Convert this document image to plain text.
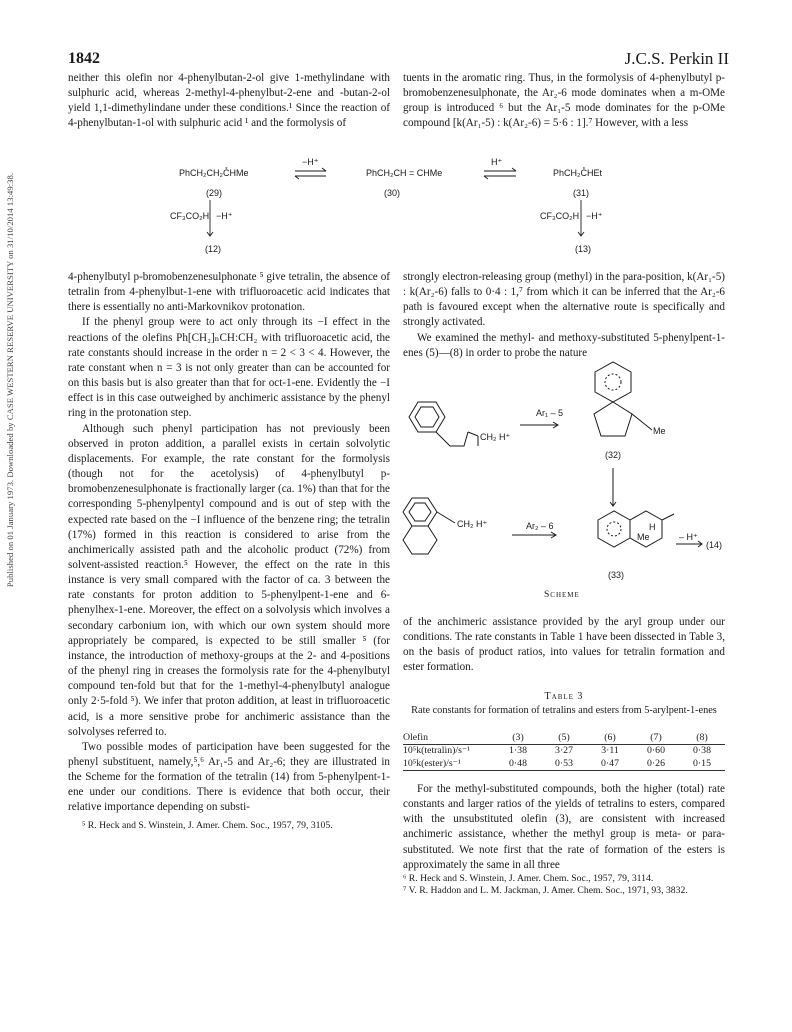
Published on 01 January 1973. Downloaded by CASE WESTERN RESERVE UNIVERSITY on 31/10/2014 13:49:38.
1842	J.C.S. Perkin II

neither this olefin nor 4-phenylbutan-2-ol give 1-methylindane with sulphuric acid, whereas 2-methyl-4-phenylbut-2-ene and -butan-2-ol yield 1,1-dimethylindane under these conditions.¹ Since the reaction of 4-phenylbutan-1-ol with sulphuric acid ¹ and the formolysis of

tuents in the aromatic ring. Thus, in the formolysis of 4-phenylbutyl p-bromobenzenesulphonate, the Ar₂-6 mode dominates when a m-OMe group is introduced ⁶ but the Ar₁-5 mode dominates for the p-OMe compound [k(Ar₁-5) : k(Ar₂-6) = 5·6 : 1].⁷ However, with a less

PhCH₂CH₂C̊HMe
(29)
PhCH₂CH = CHMe
(30)
PhCH₂C̊HEt
(31)
−H⁺	H⁺
CF₃CO₂H −H⁺
(12)
CF₃CO₂H −H⁺
(13)

4-phenylbutyl p-bromobenzenesulphonate ⁵ give tetralin, the absence of tetralin from 4-phenylbut-1-ene with trifluoroacetic acid indicates that there is essentially no anti-Markovnikov protonation.

If the phenyl group were to act only through its −I effect in the reactions of the olefins Ph[CH₂]ₙCH:CH₂ with trifluoroacetic acid, the rate constants should increase in the order n = 2 < 3 < 4. However, the rate constant when n = 3 is not only greater than can be accounted for on this basis but is also greater than that for oct-1-ene. Evidently the −I effect is in this case outweighed by anchimeric assistance by the phenyl ring in the protonation step.

Although such phenyl participation has not previously been observed in proton addition, a parallel exists in certain solvolytic displacements. For example, the rate constant for the formolysis (though not for the acetolysis) of 4-phenylbutyl p-bromobenzenesulphonate is fractionally larger (ca. 1%) than that for the corresponding 5-phenylpentyl compound and is out of step with the expected rate based on the −I influence of the benzene ring; the tetralin (17%) formed in this reaction is considered to arise from the anchimerically assisted path and the alcoholic product (72%) from solvent-assisted reaction.⁵ However, the effect on the rate in this instance is very small compared with the factor of ca. 3 between the rate constants for proton addition to 5-phenylpent-1-ene and 6-phenylhex-1-ene. Moreover, the effect on a solvolysis which involves a secondary carbonium ion, with which our own system should more appropriately be compared, is expected to be still smaller ⁵ (for instance, the introduction of methoxy-groups at the 2- and 4-positions of the phenyl ring in creases the formolysis rate for the 4-phenylbutyl compound ten-fold but that for the 1-methyl-4-phenylbutyl analogue only 2·5-fold ⁵). We infer that proton addition, at least in trifluoroacetic acid, is a more sensitive probe for anchimeric assistance than the solvolyses referred to.

Two possible modes of participation have been suggested for the phenyl substituent, namely,⁵,⁶ Ar₁-5 and Ar₂-6; they are illustrated in the Scheme for the formation of the tetralin (14) from 5-phenylpent-1-ene under our conditions. There is evidence that both occur, their relative importance depending on substi-

⁵ R. Heck and S. Winstein, J. Amer. Chem. Soc., 1957, 79, 3105.

strongly electron-releasing group (methyl) in the para-position, k(Ar₁-5) : k(Ar₂-6) falls to 0·4 : 1,⁷ from which it can be inferred that the Ar₂-6 path is favoured except when the alternative route is specifically and strongly activated.

We examined the methyl- and methoxy-substituted 5-phenylpent-1-enes (5)—(8) in order to probe the nature

Ar₁ – 5
CH₂ H⁺
Me
(32)
Ar₂ – 6
CH₂ H⁺	H
Me	– H⁺
(14)
(33)
Scheme

of the anchimeric assistance provided by the aryl group under our conditions. The rate constants in Table 1 have been dissected in Table 3, on the basis of product ratios, into values for tetralin formation and ester formation.

Table 3
Rate constants for formation of tetralins and esters from 5-arylpent-1-enes
Olefin	(3)	(5)	(6)	(7)	(8)
10⁵k(tetralin)/s⁻¹	1·38	3·27	3·11	0·60	0·38
10⁵k(ester)/s⁻¹	0·48	0·53	0·47	0·26	0·15

For the methyl-substituted compounds, both the higher (total) rate constants and larger ratios of the yields of tetralins to esters, compared with the unsubstituted olefin (3), are consistent with increased anchimeric assistance, whether the methyl group is meta- or para-substituted. We note first that the rate of formation of the esters is approximately the same in all three

⁶ R. Heck and S. Winstein, J. Amer. Chem. Soc., 1957, 79, 3114.

⁷ V. R. Haddon and L. M. Jackman, J. Amer. Chem. Soc., 1971, 93, 3832.
